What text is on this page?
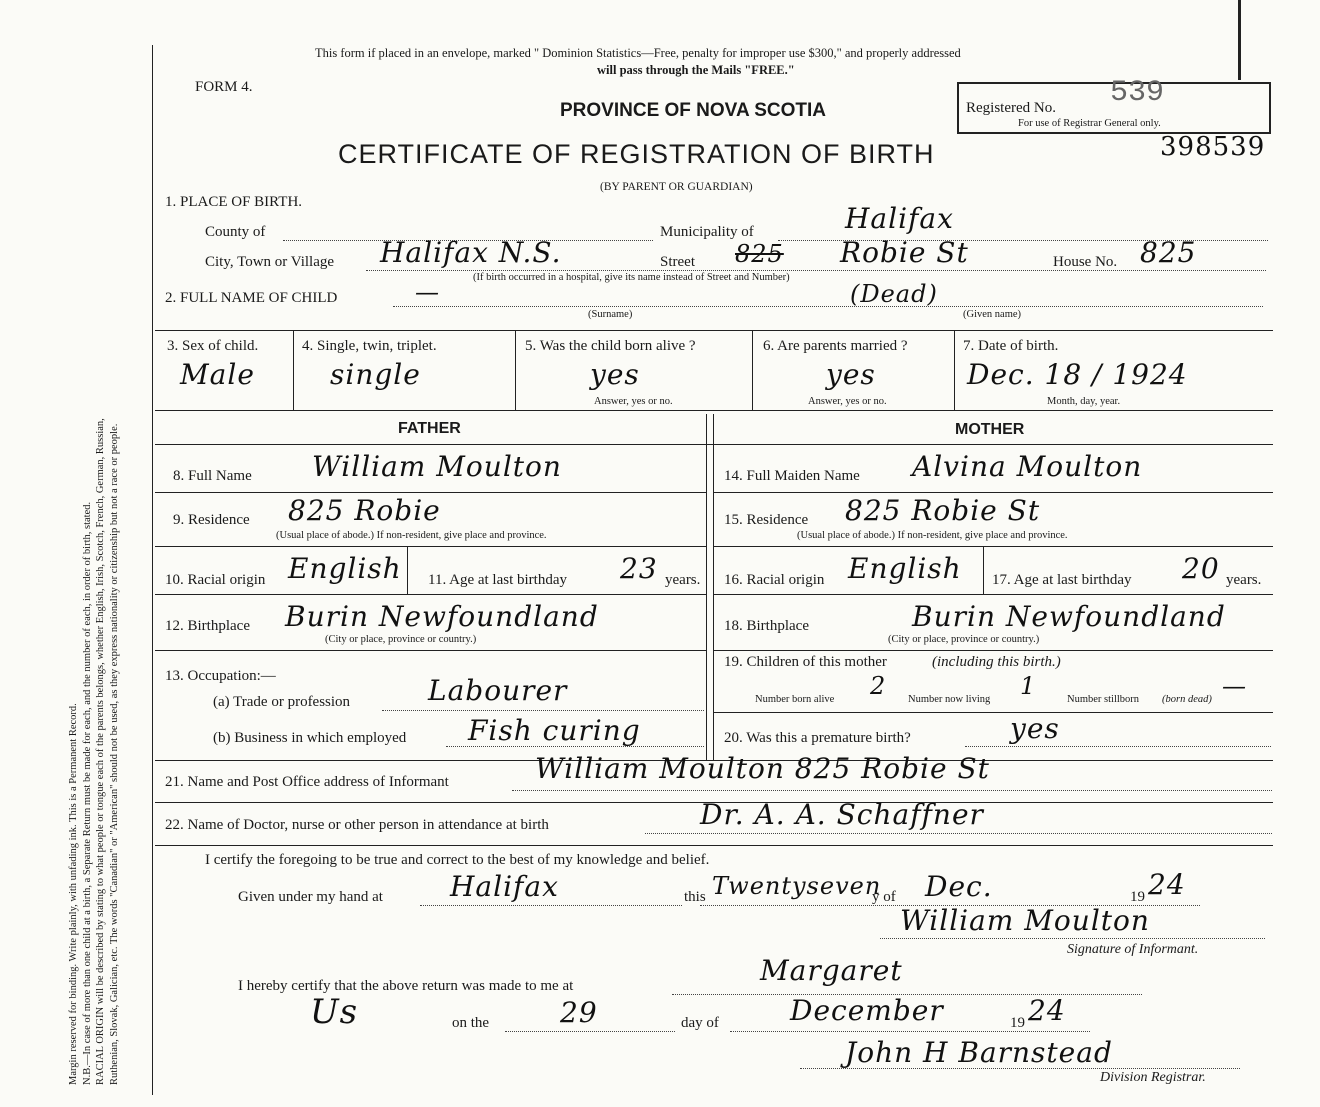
Margin reserved for binding. Write plainly, with unfading ink. This is a Permanent Record. N.B.—In case of more than one child at a birth, a Separate Return must be made for each, and the number of each, in order of birth, stated. RACIAL ORIGIN will be described by stating to what people or tongue each of the parents belongs, whether English, Irish, Scotch, French, German, Russian, Ruthenian, Slovak, Galician, etc. The words "Canadian" or "American" should not be used, as they express nationality or citizenship but not a race or people.
This form if placed in an envelope, marked " Dominion Statistics—Free, penalty for improper use $300," and properly addressed
will pass through the Mails "FREE."
FORM 4.
PROVINCE OF NOVA SCOTIA
CERTIFICATE OF REGISTRATION OF BIRTH
(BY PARENT OR GUARDIAN)
Registered No. 539
For use of Registrar General only.
398539
1. PLACE OF BIRTH.
County of	Municipality of	Halifax
City, Town or Village Halifax N.S.	Street 825 Robie St	House No. 825
(If birth occurred in a hospital, give its name instead of Street and Number)
2. FULL NAME OF CHILD	—
(Surname)
(Dead)
(Given name)
3. Sex of child.
Male
4. Single, twin, triplet.
single
5. Was the child born alive ?
yes
Answer, yes or no.
6. Are parents married ?
yes
Answer, yes or no.
7. Date of birth.
Dec. 18 / 1924
Month, day, year.
FATHER	MOTHER
8. Full Name William Moulton
9. Residence 825 Robie
(Usual place of abode.) If non-resident, give place and province.
10. Racial origin English 11. Age at last birthday 23 years.
12. Birthplace Burin Newfoundland
(City or place, province or country.)
13. Occupation:—
(a) Trade or profession	Labourer
(b) Business in which employed Fish curing
14. Full Maiden Name Alvina Moulton
15. Residence 825 Robie St
(Usual place of abode.) If non-resident, give place and province.
16. Racial origin English 17. Age at last birthday 20 years.
18. Birthplace	Burin Newfoundland
(City or place, province or country.)
19. Children of this mother	(including this birth.)
Number born alive 2 Number now living 1	Number stillborn (born dead) —
20. Was this a premature birth?	yes
21. Name and Post Office address of Informant	William Moulton 825 Robie St
22. Name of Doctor, nurse or other person in attendance at birth	Dr. A. A. Schaffner
I certify the foregoing to be true and correct to the best of my knowledge and belief.
Given under my hand at Halifax	this Twentyseven
y of Dec.	19 24
William Moulton
Signature of Informant.
I hereby certify that the above return was made to me at	Margaret
Us	on the	29	day of	December	19 24
John H Barnstead
Division Registrar.
